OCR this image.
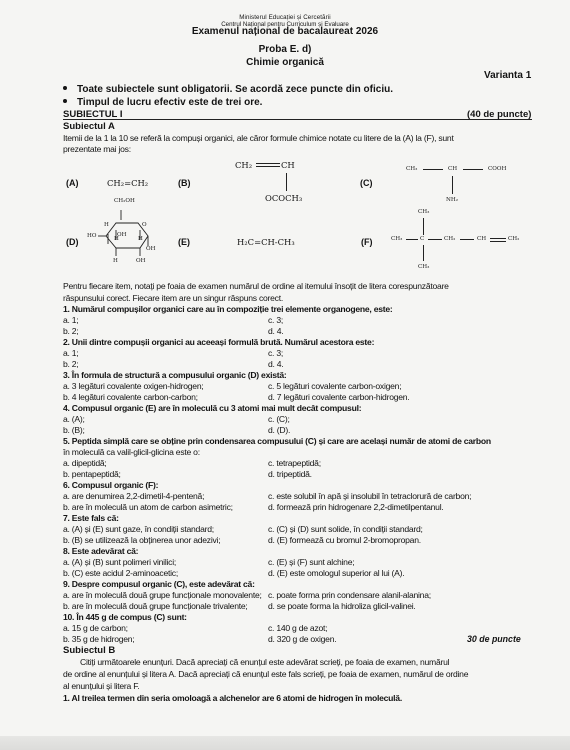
Ministerul Educației și Cercetării
Centrul Național pentru Curriculum și Evaluare
Examenul național de bacalaureat 2026
Proba E. d)
Chimie organică
Varianta 1
Toate subiectele sunt obligatorii. Se acordă zece puncte din oficiu.
Timpul de lucru efectiv este de trei ore.
SUBIECTUL I	(40 de puncte)
Subiectul A
Itemii de la 1 la 10 se referă la compuși organici, ale căror formule chimice notate cu litere de la (A) la (F), sunt
prezentate mai jos:
(A)	CH₂=CH₂	(B)
CH₂	CH
OCOCH₃
(C)
CH₃	CH	COOH
NH₂
(D)
CH₂OH
O
H
H
OH
H
HO
OH
H	OH
(E)	H₂C=CH-CH₃	(F)
CH₃
CH₃	C	CH₂	CH	CH₂
CH₃
Pentru fiecare item, notați pe foaia de examen numărul de ordine al itemului însoțit de litera corespunzătoare
răspunsului corect. Fiecare item are un singur răspuns corect.
1. Numărul compușilor organici care au în compoziție trei elemente organogene, este:
a. 1;	c. 3;
b. 2;	d. 4.
2. Unii dintre compușii organici au aceeași formulă brută. Numărul acestora este:
a. 1;	c. 3;
b. 2;	d. 4.
3. În formula de structură a compusului organic (D) există:
a. 3 legături covalente oxigen-hidrogen;	c. 5 legături covalente carbon-oxigen;
b. 4 legături covalente carbon-carbon;	d. 7 legături covalente carbon-hidrogen.
4. Compusul organic (E) are în moleculă cu 3 atomi mai mult decât compusul:
a. (A);	c. (C);
b. (B);	d. (D).
5. Peptida simplă care se obține prin condensarea compusului (C) și care are același număr de atomi de carbon
în moleculă ca valil-glicil-glicina este o:
a. dipeptidă;	c. tetrapeptidă;
b. pentapeptidă;	d. tripeptidă.
6. Compusul organic (F):
a. are denumirea 2,2-dimetil-4-pentenă;	c. este solubil în apă și insolubil în tetraclorură de carbon;
b. are în moleculă un atom de carbon asimetric;	d. formează prin hidrogenare 2,2-dimetilpentanul.
7. Este fals că:
a. (A) și (E) sunt gaze, în condiții standard;	c. (C) și (D) sunt solide, în condiții standard;
b. (B) se utilizează la obținerea unor adezivi;	d. (E) formează cu bromul 2-bromopropan.
8. Este adevărat că:
a. (A) și (B) sunt polimeri vinilici;	c. (E) și (F) sunt alchine;
b. (C) este acidul 2-aminoacetic;	d. (E) este omologul superior al lui (A).
9. Despre compusul organic (C), este adevărat că:
a. are în moleculă două grupe funcționale monovalente; c. poate forma prin condensare alanil-alanina;
b. are în moleculă două grupe funcționale trivalente; d. se poate forma la hidroliza glicil-valinei.
10. În 445 g de compus (C) sunt:
a. 15 g de carbon;	c. 140 g de azot;
b. 35 g de hidrogen;	d. 320 g de oxigen.	30 de puncte
Subiectul B
Citiți următoarele enunțuri. Dacă apreciați că enunțul este adevărat scrieți, pe foaia de examen, numărul
de ordine al enunțului și litera A. Dacă apreciați că enunțul este fals scrieți, pe foaia de examen, numărul de ordine
al enunțului și litera F.
1. Al treilea termen din seria omoloagă a alchenelor are 6 atomi de hidrogen în moleculă.
